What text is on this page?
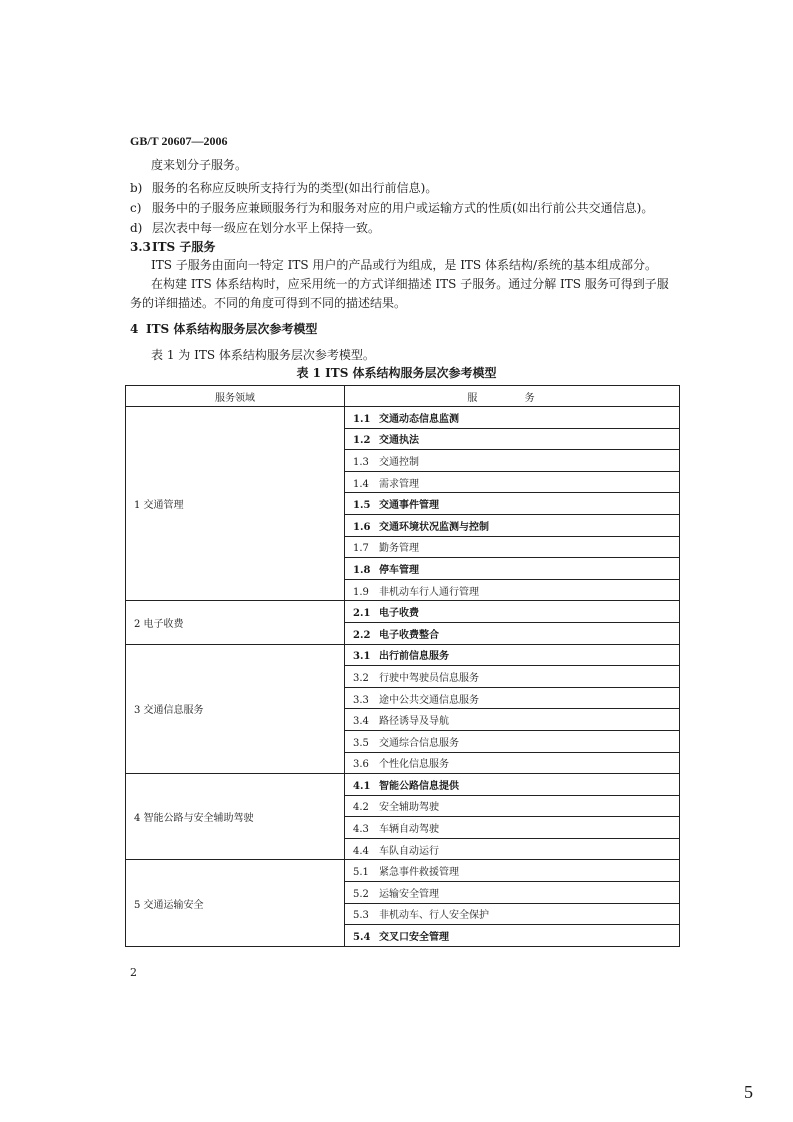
GB/T 20607—2006
度来划分子服务。
b) 服务的名称应反映所支持行为的类型(如出行前信息)。
c) 服务中的子服务应兼顾服务行为和服务对应的用户或运输方式的性质(如出行前公共交通信息)。
d) 层次表中每一级应在划分水平上保持一致。
3.3ITS 子服务
ITS 子服务由面向一特定 ITS 用户的产品或行为组成，是 ITS 体系结构/系统的基本组成部分。
在构建 ITS 体系结构时，应采用统一的方式详细描述 ITS 子服务。通过分解 ITS 服务可得到子服
务的详细描述。不同的角度可得到不同的描述结果。
4 ITS 体系结构服务层次参考模型
表 1 为 ITS 体系结构服务层次参考模型。
表 1 ITS 体系结构服务层次参考模型
服务领域	服 务
1 交通管理	1.1 交通动态信息监测
	1.2 交通执法
	1.3 交通控制
	1.4 需求管理
	1.5 交通事件管理
	1.6 交通环境状况监测与控制
	1.7 勤务管理
	1.8 停车管理
	1.9 非机动车行人通行管理
2 电子收费	2.1 电子收费
	2.2 电子收费整合
3 交通信息服务	3.1 出行前信息服务
	3.2 行驶中驾驶员信息服务
	3.3 途中公共交通信息服务
	3.4 路径诱导及导航
	3.5 交通综合信息服务
	3.6 个性化信息服务
4 智能公路与安全辅助驾驶	4.1 智能公路信息提供
	4.2 安全辅助驾驶
	4.3 车辆自动驾驶
	4.4 车队自动运行
5 交通运输安全	5.1 紧急事件救援管理
	5.2 运输安全管理
	5.3 非机动车、行人安全保护
	5.4 交叉口安全管理
2
5
